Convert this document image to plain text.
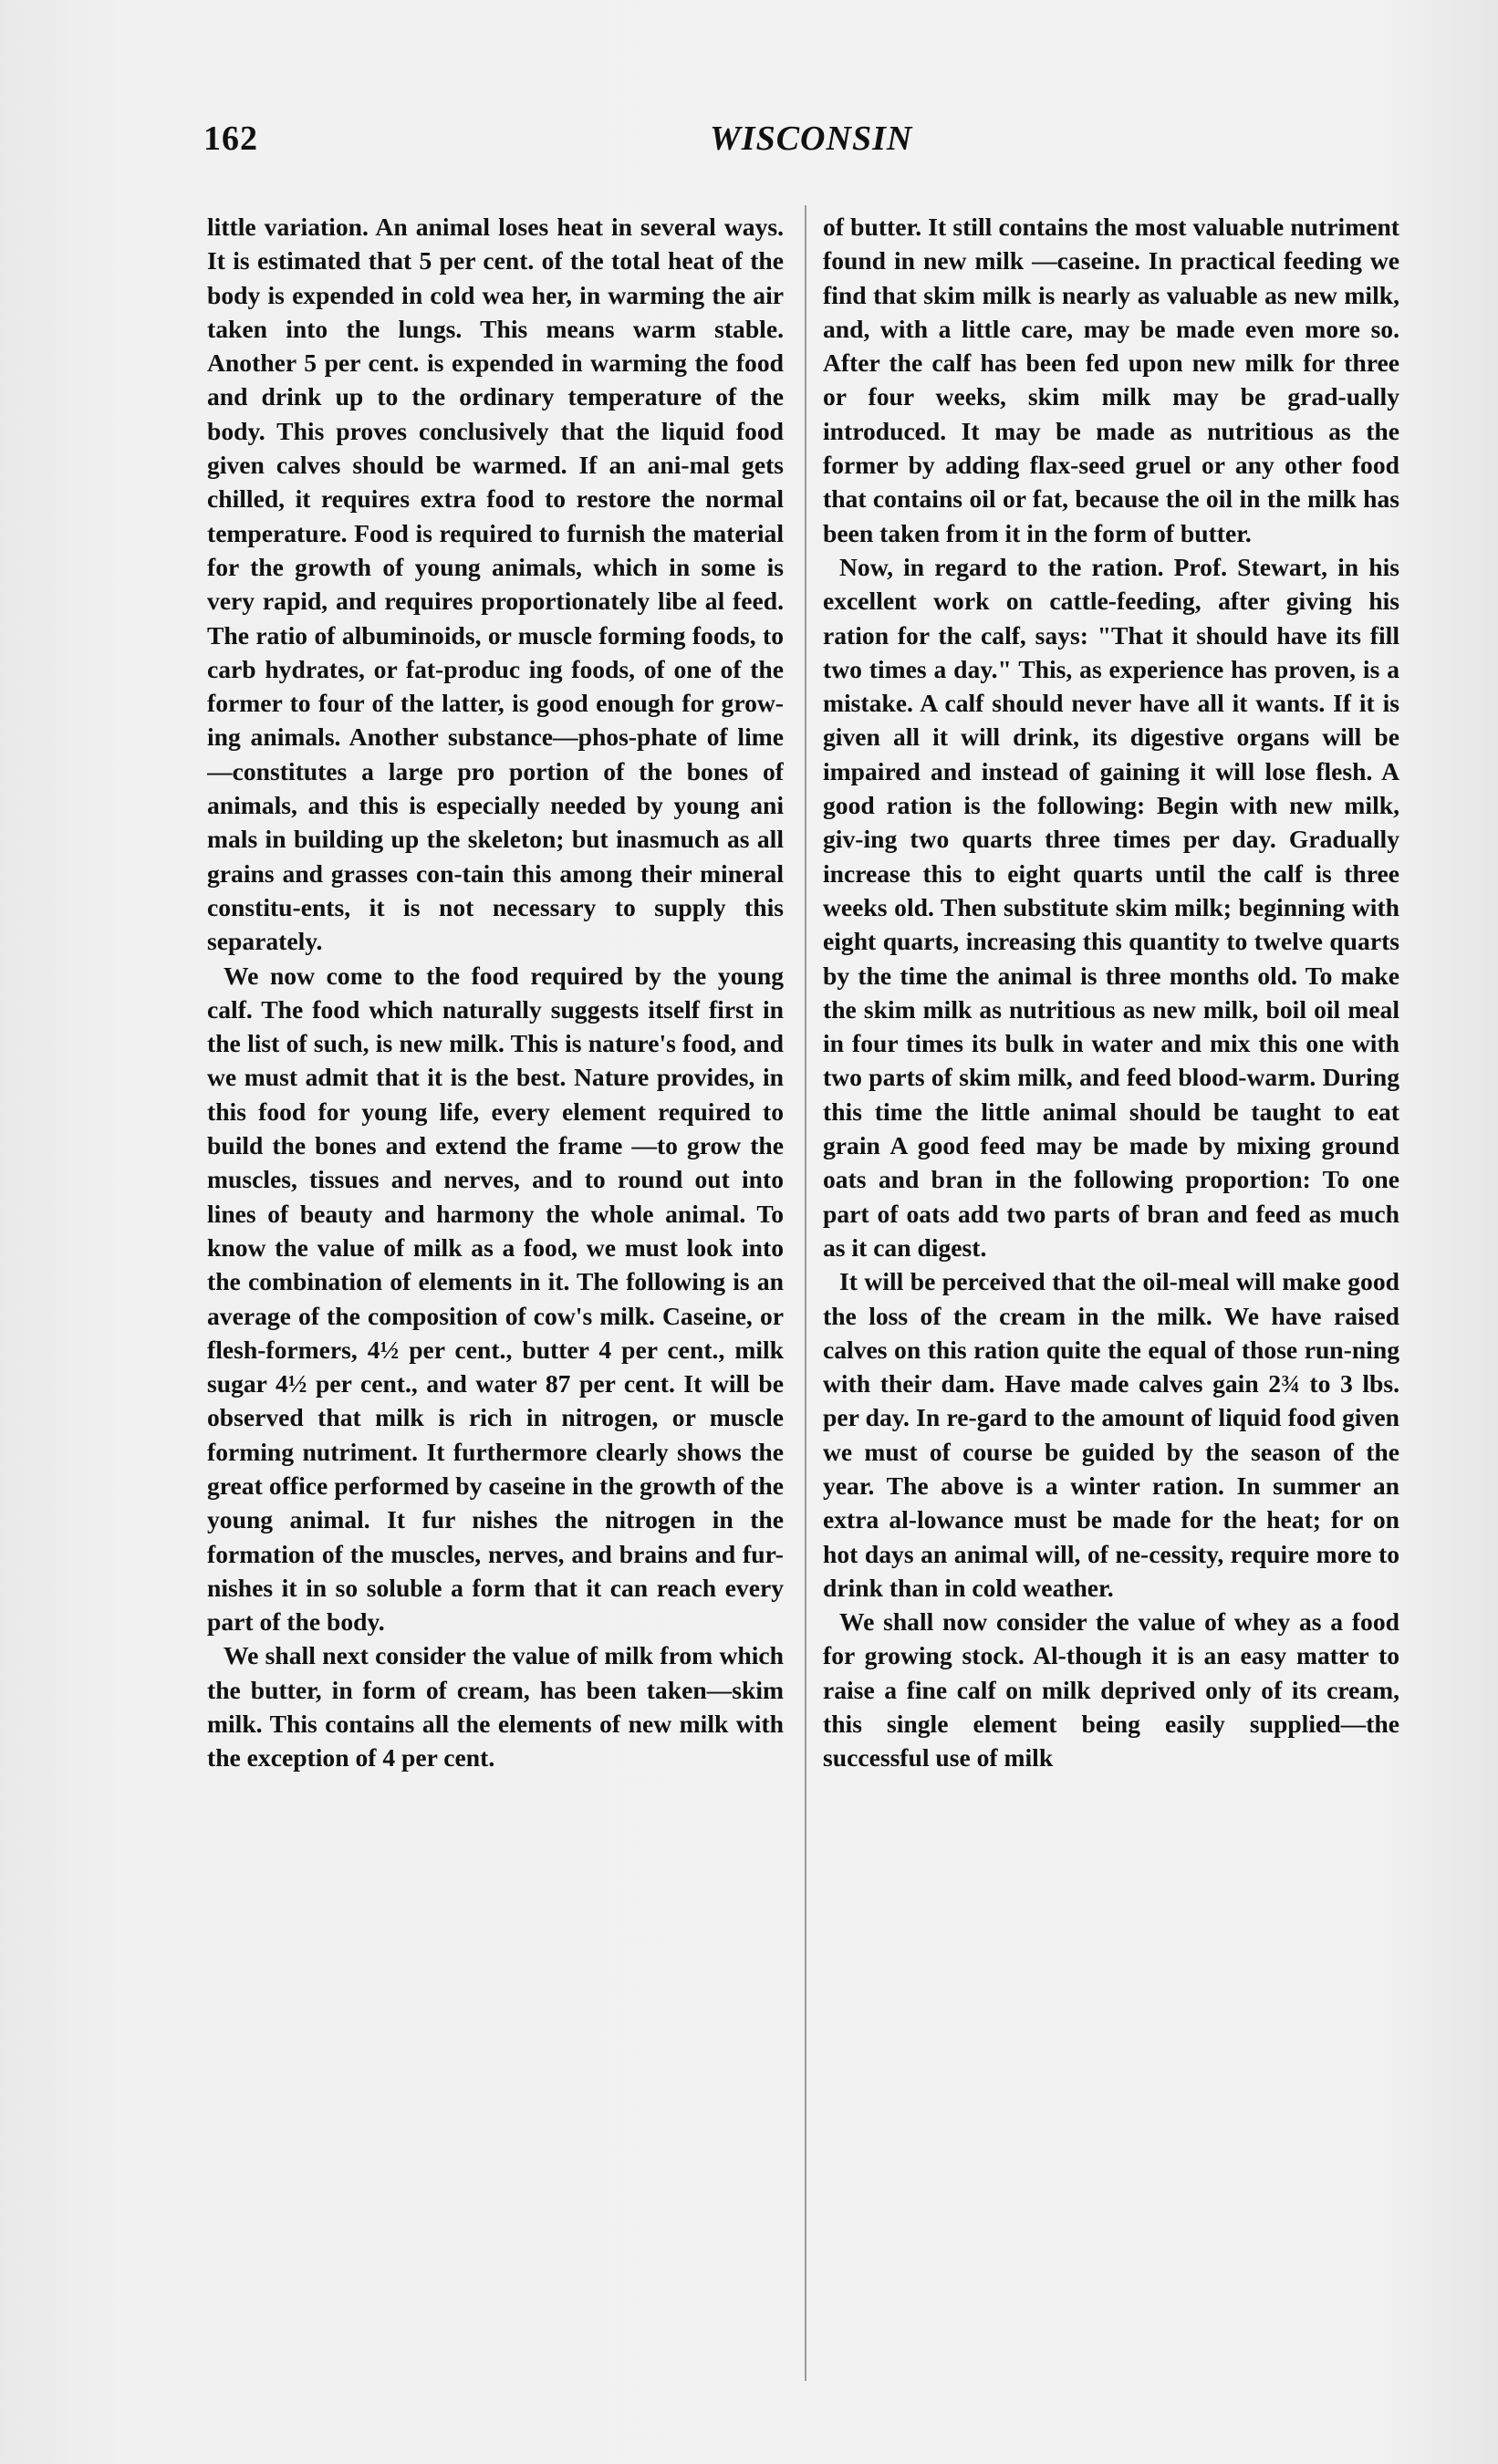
162	WISCONSIN

little variation. An animal loses heat in several ways. It is estimated that 5 per cent. of the total heat of the body is expended in cold wea her, in warming the air taken into the lungs. This means warm stable. Another 5 per cent. is expended in warming the food and drink up to the ordinary temperature of the body. This proves conclusively that the liquid food given calves should be warmed. If an ani-mal gets chilled, it requires extra food to restore the normal temperature. Food is required to furnish the material for the growth of young animals, which in some is very rapid, and requires proportionately libe al feed. The ratio of albuminoids, or muscle forming foods, to carb hydrates, or fat-produc ing foods, of one of the former to four of the latter, is good enough for grow-ing animals. Another substance—phos-phate of lime—constitutes a large pro portion of the bones of animals, and this is especially needed by young ani mals in building up the skeleton; but inasmuch as all grains and grasses con-tain this among their mineral constitu-ents, it is not necessary to supply this separately.

We now come to the food required by the young calf. The food which naturally suggests itself first in the list of such, is new milk. This is nature's food, and we must admit that it is the best. Nature provides, in this food for young life, every element required to build the bones and extend the frame —to grow the muscles, tissues and nerves, and to round out into lines of beauty and harmony the whole animal. To know the value of milk as a food, we must look into the combination of elements in it. The following is an average of the composition of cow's milk. Caseine, or flesh-formers, 4½ per cent., butter 4 per cent., milk sugar 4½ per cent., and water 87 per cent. It will be observed that milk is rich in nitrogen, or muscle forming nutriment. It furthermore clearly shows the great office performed by caseine in the growth of the young animal. It fur nishes the nitrogen in the formation of the muscles, nerves, and brains and fur-nishes it in so soluble a form that it can reach every part of the body.

We shall next consider the value of milk from which the butter, in form of cream, has been taken—skim milk. This contains all the elements of new milk with the exception of 4 per cent.

of butter. It still contains the most valuable nutriment found in new milk —caseine. In practical feeding we find that skim milk is nearly as valuable as new milk, and, with a little care, may be made even more so. After the calf has been fed upon new milk for three or four weeks, skim milk may be grad-ually introduced. It may be made as nutritious as the former by adding flax-seed gruel or any other food that contains oil or fat, because the oil in the milk has been taken from it in the form of butter.

Now, in regard to the ration. Prof. Stewart, in his excellent work on cattle-feeding, after giving his ration for the calf, says: "That it should have its fill two times a day." This, as experience has proven, is a mistake. A calf should never have all it wants. If it is given all it will drink, its digestive organs will be impaired and instead of gaining it will lose flesh. A good ration is the following: Begin with new milk, giv-ing two quarts three times per day. Gradually increase this to eight quarts until the calf is three weeks old. Then substitute skim milk; beginning with eight quarts, increasing this quantity to twelve quarts by the time the animal is three months old. To make the skim milk as nutritious as new milk, boil oil meal in four times its bulk in water and mix this one with two parts of skim milk, and feed blood-warm. During this time the little animal should be taught to eat grain A good feed may be made by mixing ground oats and bran in the following proportion: To one part of oats add two parts of bran and feed as much as it can digest.

It will be perceived that the oil-meal will make good the loss of the cream in the milk. We have raised calves on this ration quite the equal of those run-ning with their dam. Have made calves gain 2¾ to 3 lbs. per day. In re-gard to the amount of liquid food given we must of course be guided by the season of the year. The above is a winter ration. In summer an extra al-lowance must be made for the heat; for on hot days an animal will, of ne-cessity, require more to drink than in cold weather.

We shall now consider the value of whey as a food for growing stock. Al-though it is an easy matter to raise a fine calf on milk deprived only of its cream, this single element being easily supplied—the successful use of milk
